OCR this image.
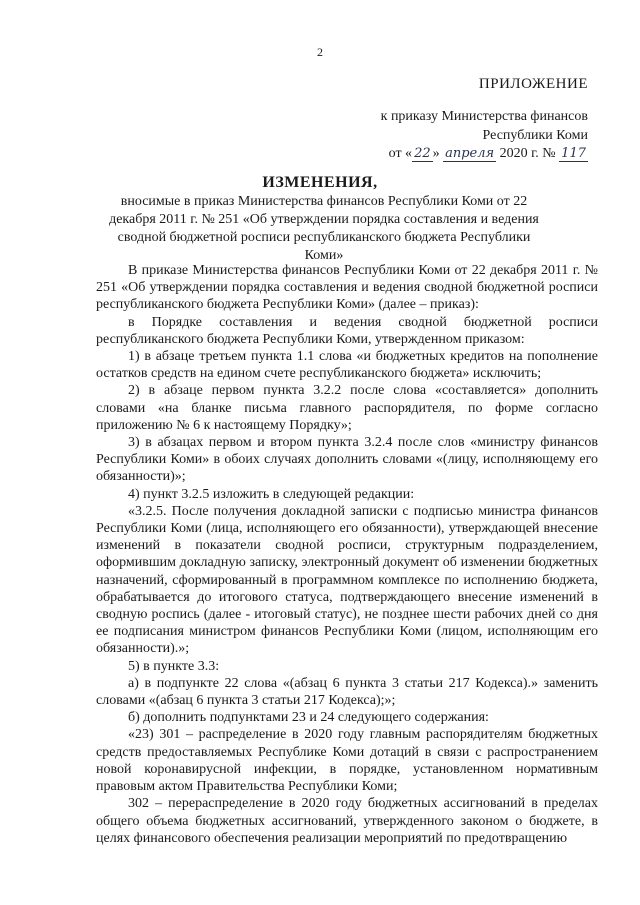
2
ПРИЛОЖЕНИЕ
к приказу Министерства финансов
Республики Коми
от « 22 » апреля 2020 г. № 117
ИЗМЕНЕНИЯ,
вносимые в приказ Министерства финансов Республики Коми от 22 декабря 2011 г. № 251 «Об утверждении порядка составления и ведения сводной бюджетной росписи республиканского бюджета Республики Коми»

В приказе Министерства финансов Республики Коми от 22 декабря 2011 г. № 251 «Об утверждении порядка составления и ведения сводной бюджетной росписи республиканского бюджета Республики Коми» (далее – приказ):

в Порядке составления и ведения сводной бюджетной росписи республиканского бюджета Республики Коми, утвержденном приказом:

1) в абзаце третьем пункта 1.1 слова «и бюджетных кредитов на пополнение остатков средств на едином счете республиканского бюджета» исключить;

2) в абзаце первом пункта 3.2.2 после слова «составляется» дополнить словами «на бланке письма главного распорядителя, по форме согласно приложению № 6 к настоящему Порядку»;

3) в абзацах первом и втором пункта 3.2.4 после слов «министру финансов Республики Коми» в обоих случаях дополнить словами «(лицу, исполняющему его обязанности)»;

4) пункт 3.2.5 изложить в следующей редакции:

«3.2.5. После получения докладной записки с подписью министра финансов Республики Коми (лица, исполняющего его обязанности), утверждающей внесение изменений в показатели сводной росписи, структурным подразделением, оформившим докладную записку, электронный документ об изменении бюджетных назначений, сформированный в программном комплексе по исполнению бюджета, обрабатывается до итогового статуса, подтверждающего внесение изменений в сводную роспись (далее - итоговый статус), не позднее шести рабочих дней со дня ее подписания министром финансов Республики Коми (лицом, исполняющим его обязанности).»;

5) в пункте 3.3:

а) в подпункте 22 слова «(абзац 6 пункта 3 статьи 217 Кодекса).» заменить словами «(абзац 6 пункта 3 статьи 217 Кодекса);»;

б) дополнить подпунктами 23 и 24 следующего содержания:

«23) 301 – распределение в 2020 году главным распорядителям бюджетных средств предоставляемых Республике Коми дотаций в связи с распространением новой коронавирусной инфекции, в порядке, установленном нормативным правовым актом Правительства Республики Коми;

302 – перераспределение в 2020 году бюджетных ассигнований в пределах общего объема бюджетных ассигнований, утвержденного законом о бюджете, в целях финансового обеспечения реализации мероприятий по предотвращению
